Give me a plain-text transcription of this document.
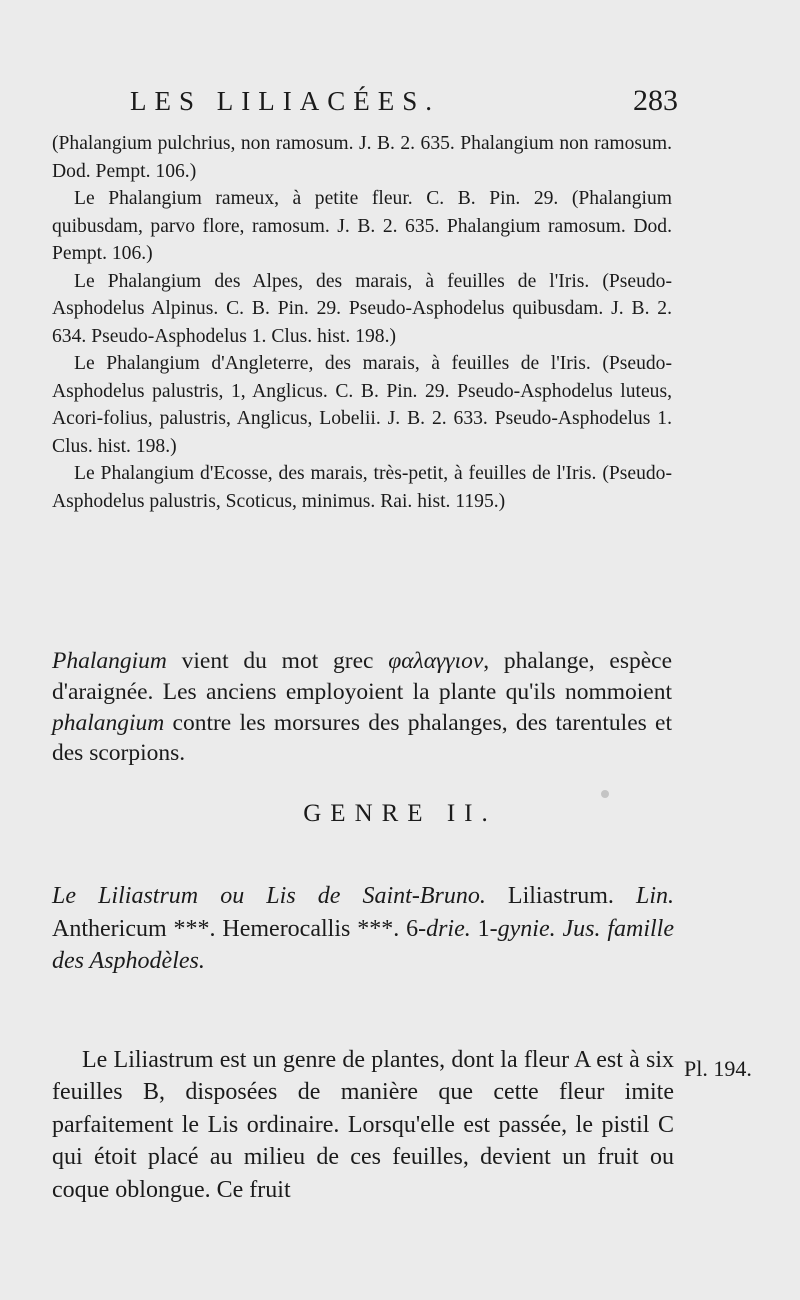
LES LILIACÉES.	283

(Phalangium pulchrius, non ramosum. J. B. 2. 635. Phalangium non ramosum. Dod. Pempt. 106.)

Le Phalangium rameux, à petite fleur. C. B. Pin. 29. (Phalangium quibusdam, parvo flore, ramosum. J. B. 2. 635. Phalangium ramosum. Dod. Pempt. 106.)

Le Phalangium des Alpes, des marais, à feuilles de l'Iris. (Pseudo-Asphodelus Alpinus. C. B. Pin. 29. Pseudo-Asphodelus quibusdam. J. B. 2. 634. Pseudo-Asphodelus 1. Clus. hist. 198.)

Le Phalangium d'Angleterre, des marais, à feuilles de l'Iris. (Pseudo-Asphodelus palustris, 1, Anglicus. C. B. Pin. 29. Pseudo-Asphodelus luteus, Acori-folius, palustris, Anglicus, Lobelii. J. B. 2. 633. Pseudo-Asphodelus 1. Clus. hist. 198.)

Le Phalangium d'Ecosse, des marais, très-petit, à feuilles de l'Iris. (Pseudo-Asphodelus palustris, Scoticus, minimus. Rai. hist. 1195.)

Phalangium vient du mot grec φαλαγγιον, phalange, espèce d'araignée. Les anciens employoient la plante qu'ils nommoient phalangium contre les morsures des phalanges, des tarentules et des scorpions.

GENRE II.

Le Liliastrum ou Lis de Saint-Bruno. Liliastrum. Lin. Anthericum ***. Hemerocallis ***. 6-drie. 1-gynie. Jus. famille des Asphodèles.

Le Liliastrum est un genre de plantes, dont la fleur A est à six feuilles B, disposées de manière que cette fleur imite parfaitement le Lis ordinaire. Lorsqu'elle est passée, le pistil C qui étoit placé au milieu de ces feuilles, devient un fruit ou coque oblongue. Ce fruit

Pl. 194.
